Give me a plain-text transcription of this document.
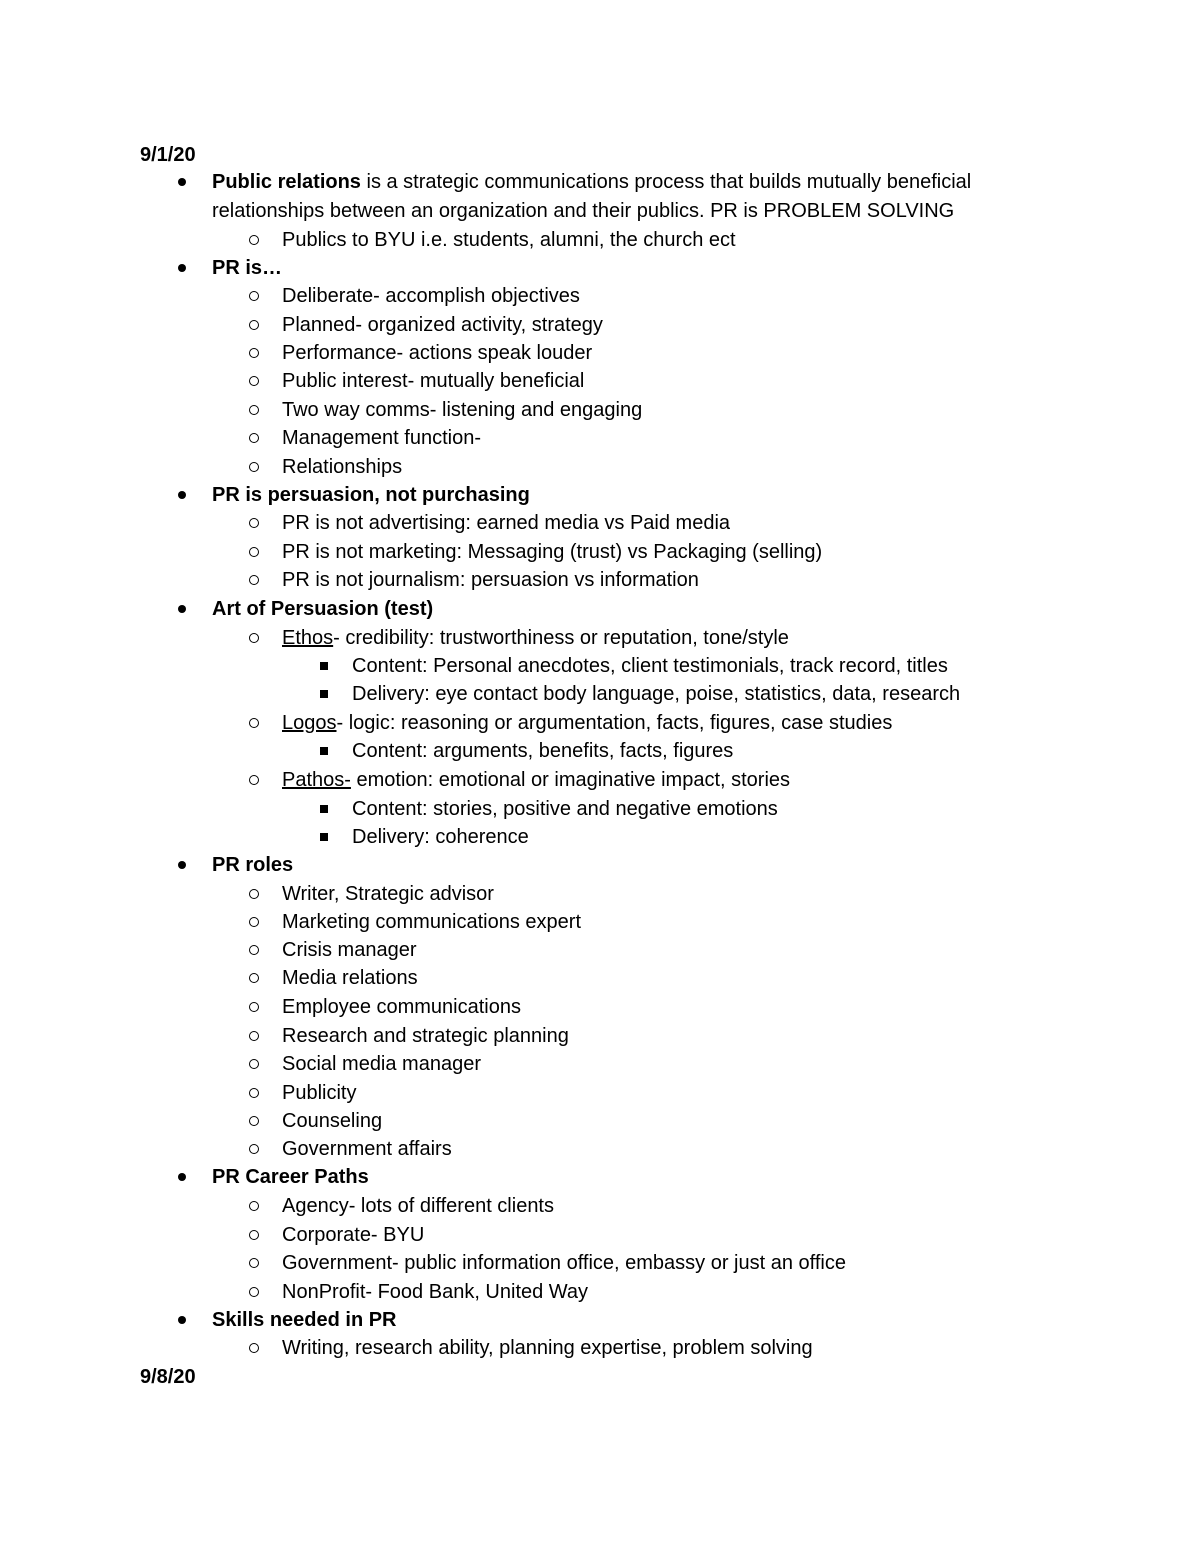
9/1/20
Public relations is a strategic communications process that builds mutually beneficial
relationships between an organization and their publics. PR is PROBLEM SOLVING
Publics to BYU i.e. students, alumni, the church ect
PR is…
Deliberate- accomplish objectives
Planned- organized activity, strategy
Performance- actions speak louder
Public interest- mutually beneficial
Two way comms- listening and engaging
Management function-
Relationships
PR is persuasion, not purchasing
PR is not advertising: earned media vs Paid media
PR is not marketing: Messaging (trust) vs Packaging (selling)
PR is not journalism: persuasion vs information
Art of Persuasion (test)
Ethos- credibility: trustworthiness or reputation, tone/style
Content: Personal anecdotes, client testimonials, track record, titles
Delivery: eye contact body language, poise, statistics, data, research
Logos- logic: reasoning or argumentation, facts, figures, case studies
Content: arguments, benefits, facts, figures
Pathos- emotion: emotional or imaginative impact, stories
Content: stories, positive and negative emotions
Delivery: coherence
PR roles
Writer, Strategic advisor
Marketing communications expert
Crisis manager
Media relations
Employee communications
Research and strategic planning
Social media manager
Publicity
Counseling
Government affairs
PR Career Paths
Agency- lots of different clients
Corporate- BYU
Government- public information office, embassy or just an office
NonProfit- Food Bank, United Way
Skills needed in PR
Writing, research ability, planning expertise, problem solving
9/8/20
